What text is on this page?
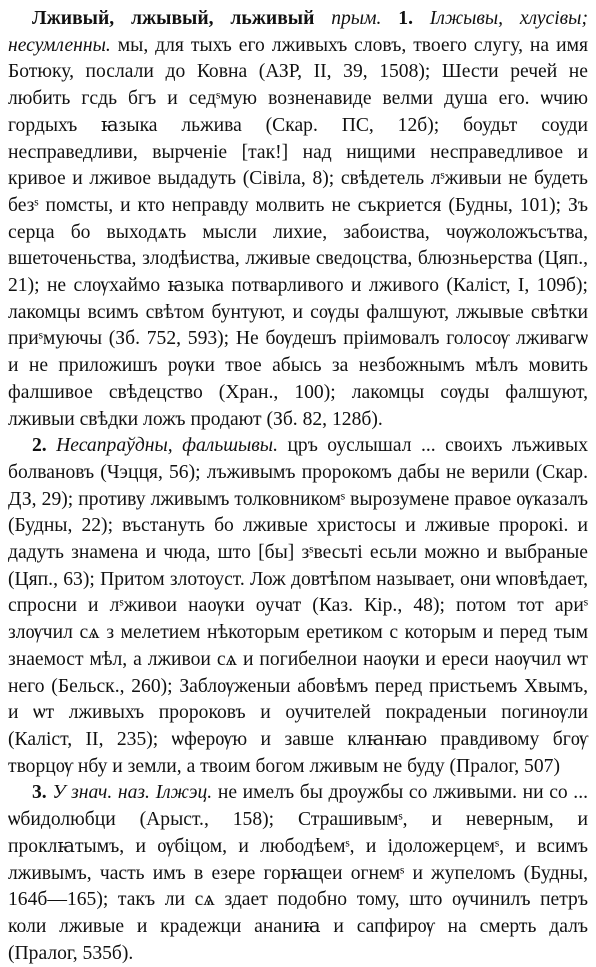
Лживый, лжывый, льживый прым. 1. Ілжывы, хлусівы; несумленны. мы, для тыхъ его лживыхъ словъ, твоего слугу, на имя Ботюку, послали до Ковна (АЗР, II, 39, 1508); Шести речей не любить гсдь бгъ и седˢмую возненавиде велми душа его. ѡчию гордыхъ ꙗзыка льжива (Скар. ПС, 12б); боудьт соуди несправедливи, вырченіе [так!] над нищими несправедливое и кривое и лживое выдадуть (Сівіла, 8); свѣдетель лˢживыи не будеть безˢ помсты, и кто неправду молвить не съкриется (Будны, 101); Зъ серца бо выходѧть мысли лихие, забоиства, чѹжоложъсътва, вшеточеньства, злодѣиства, лживые сведоцства, блюзньерства (Цяп., 21); не слѹхаймо ꙗзыка потварливого и лживого (Каліст, I, 109б); лакомцы всимъ свѣтом бунтуют, и сѹды фалшуют, лжывые свѣтки приˢмуючы (Зб. 752, 593); Не бѹдешъ пріимовалъ голосѹ лживагѡ и не приложишъ рѹки твое абысь за незбожнымъ мѣлъ мовить фалшивое свѣдецство (Хран., 100); лакомцы сѹды фалшуют, лживыи свѣдки ложъ продают (Зб. 82, 128б).

2. Несапраўдны, фальшывы. цръ оуслышал ... своихъ лъживых болвановъ (Чэцця, 56); лъживымъ пророкомъ дабы не верили (Скар. ДЗ, 29); противу лживымъ толковникомˢ вырозумене правое ѹказалъ (Будны, 22); въстануть бо лживые христосы и лживые пророкі. и дадуть знамена и чюда, што [бы] зˢвесьті есьли можно и выбраные (Цяп., 63); Притом злотоуст. Лож довтѣпом называет, они ѡповѣдает, спросни и лˢживои наѹки оучат (Каз. Кір., 48); потом тот ариˢ злѹчил сѧ з мелетием нѣкоторым еретиком с которым и перед тым знаемост мѣл, а лживои сѧ и погибелнои наѹки и ереси наѹчил ѡт него (Бельск., 260); Заблѹженыи абовѣмъ перед пристьемъ Хвымъ, и ѡт лживыхъ пророковъ и оучителей покраденыи погинѹли (Каліст, II, 235); ѡферѹю и завше клꙗнꙗю правдивому бгѹ творцѹ нбу и земли, а твоим богом лживым не буду (Пралог, 507)

3. У знач. наз. Ілжэц. не имелъ бы дроужбы со лживыми. ни со ... ѡбидолюбци (Арыст., 158); Страшивымˢ, и неверным, и проклꙗтымъ, и ѹбіцом, и любодѣемˢ, и ідоложерцемˢ, и всимъ лживымъ, часть имъ в езере горꙗщеи огнемˢ и жупеломъ (Будны, 164б—165); такъ ли сѧ здает подобно тому, што ѹчинилъ петръ коли лживые и крадежци ананиꙗ и сапфирѹ на смерть далъ (Пралог, 535б).
